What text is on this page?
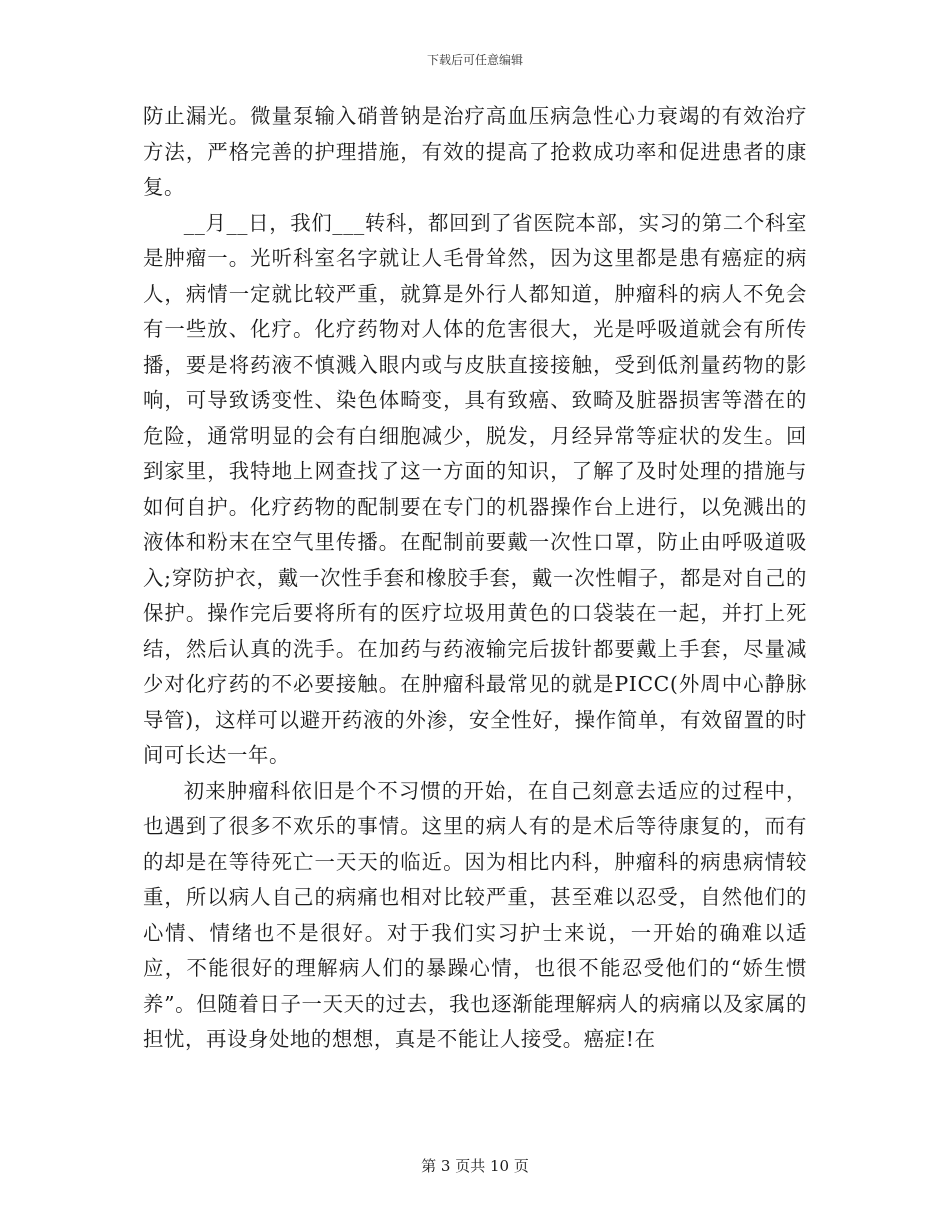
下载后可任意编辑

防止漏光。微量泵输入硝普钠是治疗高血压病急性心力衰竭的有效治疗方法，严格完善的护理措施，有效的提高了抢救成功率和促进患者的康复。

__月__日，我们___转科，都回到了省医院本部，实习的第二个科室是肿瘤一。光听科室名字就让人毛骨耸然，因为这里都是患有癌症的病人，病情一定就比较严重，就算是外行人都知道，肿瘤科的病人不免会有一些放、化疗。化疗药物对人体的危害很大，光是呼吸道就会有所传播，要是将药液不慎溅入眼内或与皮肤直接接触，受到低剂量药物的影响，可导致诱变性、染色体畸变，具有致癌、致畸及脏器损害等潜在的危险，通常明显的会有白细胞减少，脱发，月经异常等症状的发生。回到家里，我特地上网查找了这一方面的知识，了解了及时处理的措施与如何自护。化疗药物的配制要在专门的机器操作台上进行，以免溅出的液体和粉末在空气里传播。在配制前要戴一次性口罩，防止由呼吸道吸入;穿防护衣，戴一次性手套和橡胶手套，戴一次性帽子，都是对自己的保护。操作完后要将所有的医疗垃圾用黄色的口袋装在一起，并打上死结，然后认真的洗手。在加药与药液输完后拔针都要戴上手套，尽量减少对化疗药的不必要接触。在肿瘤科最常见的就是PICC(外周中心静脉导管)，这样可以避开药液的外渗，安全性好，操作简单，有效留置的时间可长达一年。

初来肿瘤科依旧是个不习惯的开始，在自己刻意去适应的过程中，也遇到了很多不欢乐的事情。这里的病人有的是术后等待康复的，而有的却是在等待死亡一天天的临近。因为相比内科，肿瘤科的病患病情较重，所以病人自己的病痛也相对比较严重，甚至难以忍受，自然他们的心情、情绪也不是很好。对于我们实习护士来说，一开始的确难以适应，不能很好的理解病人们的暴躁心情，也很不能忍受他们的“娇生惯养”。但随着日子一天天的过去，我也逐渐能理解病人的病痛以及家属的担忧，再设身处地的想想，真是不能让人接受。癌症!在

第 3 页共 10 页
